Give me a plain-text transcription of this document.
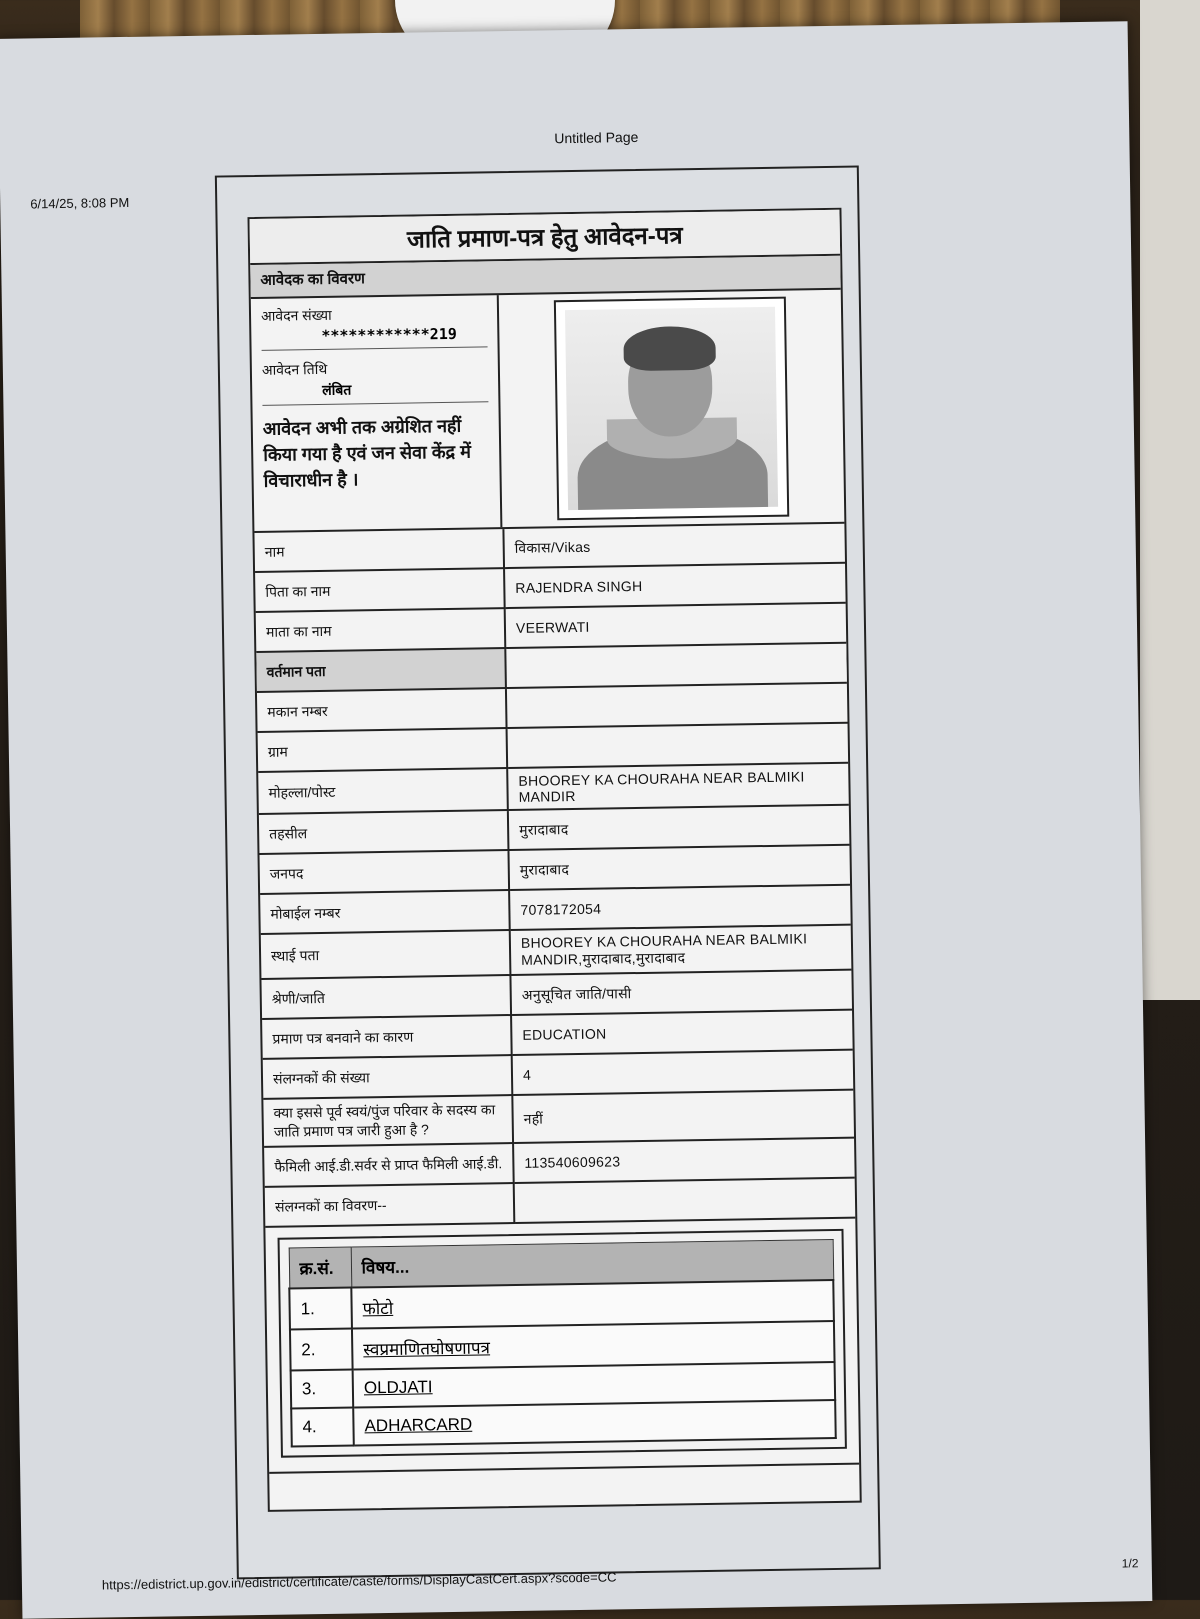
6/14/25, 8:08 PM
Untitled Page
जाति प्रमाण-पत्र हेतु आवेदन-पत्र
आवेदक का विवरण
आवेदन संख्या
************219
आवेदन तिथि
लंबित
आवेदन अभी तक अग्रेशित नहीं किया गया है एवं जन सेवा केंद्र में विचाराधीन है ।
नाम	विकास/Vikas
पिता का नाम	RAJENDRA SINGH
माता का नाम	VEERWATI
वर्तमान पता	
मकान नम्बर	
ग्राम	
मोहल्ला/पोस्ट	BHOOREY KA CHOURAHA NEAR BALMIKI MANDIR
तहसील	मुरादाबाद
जनपद	मुरादाबाद
मोबाईल नम्बर	7078172054
स्थाई पता	BHOOREY KA CHOURAHA NEAR BALMIKI MANDIR,मुरादाबाद,मुरादाबाद
श्रेणी/जाति	अनुसूचित जाति/पासी
प्रमाण पत्र बनवाने का कारण	EDUCATION
संलग्नकों की संख्या	4
क्या इससे पूर्व स्वयं/पुंज परिवार के सदस्य का जाति प्रमाण पत्र जारी हुआ है ?	नहीं
फैमिली आई.डी.सर्वर से प्राप्त फैमिली आई.डी.	113540609623
संलग्नकों का विवरण--	
क्र.सं.	विषय...
1.	फोटो
2.	स्वप्रमाणितघोषणापत्र
3.	OLDJATI
4.	ADHARCARD
https://edistrict.up.gov.in/edistrict/certificate/caste/forms/DisplayCastCert.aspx?scode=CC
1/2
